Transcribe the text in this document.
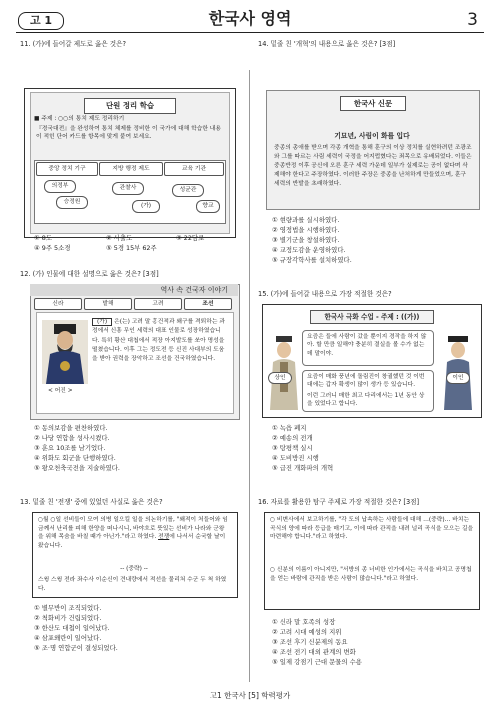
고 1	한국사 영역	3
11. (가)에 들어갈 제도로 옳은 것은?
단원 정리 학습
■ 주제 : ○○의 통치 제도 정리하기
『경국대전』을 완성하여 통치 체제를 정비한 이 국가에 대해 학습한 내용이 적힌 단어 카드를 항목에 맞게 붙여 보세요.
중앙 정치 기구	지방 행정 제도	교육 기관
의정부
승정원
관찰사
(가)
성균관
향교
① 8도	② 사출도	③ 22담로
④ 9주 5소경	⑤ 5경 15부 62주
12. (가) 인물에 대한 설명으로 옳은 것은? [3점]
역사 속 건국자 이야기
신라	발해	고려	조선
< 어진 >
(가) 은(는) 고려 말 홍건적과 왜구를 격퇴하는 과정에서 신흥 무인 세력의 대표 인물로 성장하였습니다. 특히 황산 대첩에서 적장 아지발도를 쏘아 명성을 떨쳤습니다. 이후 그는 정도전 등 신진 사대부의 도움을 받아 권력을 장악하고 조선을 건국하였습니다.
① 동의보감을 편찬하였다.
② 나당 연합을 성사시켰다.
③ 훈요 10조를 남기었다.
④ 위화도 회군을 단행하였다.
⑤ 왕오천축국전을 지술하였다.
13. 밑줄 친 '전쟁' 중에 있었던 사실로 옳은 것은?
○월 ○일 선비들이 모여 의병 일으킬 일을 의논하기를, "왜적이 처들어와 임금께서 난리를 피해 한양을 떠나시니, 바야흐로 뜻있는 선비가 나라와 군왕을 위해 목숨을 바칠 때가 아닌가."라고 하였다. 전쟁에 나서서 순국할 날이 왔습니다.
-- (중략) --
스윙 스윙 전라 좌수사 이순신이 견내량에서 적선을 물리쳐 수군 두 척 하였다.
① 별무반이 조직되었다.
② 척화비가 건립되었다.
③ 한산도 대첩이 일어났다.
④ 삼포왜란이 일어났다.
⑤ 조·명 연합군이 결성되었다.
14. 밑줄 친 '개혁'의 내용으로 옳은 것은? [3점]
한국사 신문
기묘년, 사림이 화를 입다
중종의 총애를 받으며 각종 개혁을 통해 훈구의 이상 정치를 실현하려던 조광조와 그를 따르는 사림 세력이 국정을 어지럽혔다는 죄목으로 유배되었다. 이들은 중종반정 이후 공신에 오른 훈구 세력 가운데 일부가 실제로는 공이 없다며 삭제해야 한다고 주장하였다. 이러한 주장은 중종을 난처하게 만들었으며, 훈구 세력의 반발을 초래하였다.
① 현량과를 실시하였다.
② 영정법을 시행하였다.
③ 별기군을 창설하였다.
④ 교정도감을 운영하였다.
⑤ 규장각학사를 설치하였다.
15. (가)에 들어갈 내용으로 가장 적절한 것은?
한국사 극화 수업 - 주제 : ((가))
요즘은 들에 사람이 갔을 뿐이지 경작을 하지 않아. 할 만큼 일해야 충분히 결실을 볼 수가 없는데 말이야.
요즘이 매화 풍년에 돌림진이 창궐했던 것 이번 대에는 갑자 확생이 많이 생가 등 있습니다.
이런 그러니 매한 최고 다리에서는 1년 동안 상을 있었다고 합니다.
상인	이인
① 녹읍 폐지
② 예송의 전개
③ 탕평책 실시
④ 도비방진 시행
⑤ 급진 개화파의 개혁
16. 자료를 활용한 탐구 주제로 가장 적절한 것은? [3점]
○ 비변사에서 보고하기를, "각 도의 납속하는 사람들에 대해 …(중략)… 바치는 곡식의 양에 따라 등급을 매기고, 이에 따라 관직을 내려 널리 곡식을 모으는 길을 마련해야 합니다."라고 하였다.
○ 신분의 이름이 아니지만, "서방의 종 너비한 인가에서는 곡식을 바치고 공명첩을 얻는 바람에 관직을 받은 사람이 많습니다."라고 하였다.
① 신라 말 호족의 성장
② 고려 시대 예성의 지위
③ 조선 후기 신분제의 동요
④ 조선 전기 대외 관계의 변화
⑤ 일제 강점기 근대 문물의 수용
고1 한국사 [5] 학력평가
